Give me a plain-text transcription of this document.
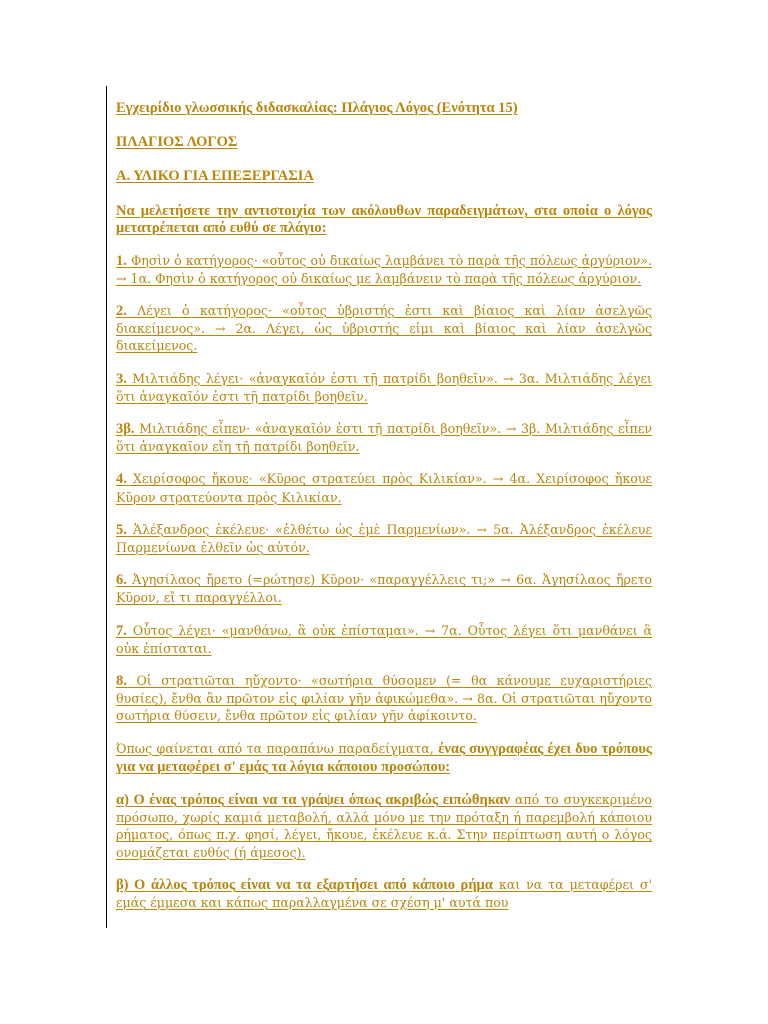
Εγχειρίδιο γλωσσικής διδασκαλίας: Πλάγιος Λόγος (Ενότητα 15)

ΠΛΑΓΙΟΣ ΛΟΓΟΣ

Α. ΥΛΙΚΟ ΓΙΑ ΕΠΕΞΕΡΓΑΣΙΑ

Να μελετήσετε την αντιστοιχία των ακόλουθων παραδειγμάτων, στα οποία ο λόγος μετατρέπεται από ευθύ σε πλάγιο:

1. Φησὶν ὁ κατήγορος· «οὗτος οὐ δικαίως λαμβάνει τὸ παρὰ τῆς πόλεως ἀργύριον». → 1α. Φησὶν ὁ κατήγορος οὐ δικαίως με λαμβάνειν τὸ παρὰ τῆς πόλεως ἀργύριον.

2. Λέγει ὁ κατήγορος· «οὗτος ὑβριστής ἐστι καὶ βίαιος καὶ λίαν ἀσελγῶς διακείμενος». → 2α. Λέγει, ὡς ὑβριστής εἰμι καὶ βίαιος καὶ λίαν ἀσελγῶς διακείμενος.

3. Μιλτιάδης λέγει· «ἀναγκαῖόν ἐστι τῇ πατρίδι βοηθεῖν». → 3α. Μιλτιάδης λέγει ὅτι ἀναγκαῖόν ἐστι τῇ πατρίδι βοηθεῖν.

3β. Μιλτιάδης εἶπεν· «ἀναγκαῖόν ἐστι τῇ πατρίδι βοηθεῖν». → 3β. Μιλτιάδης εἶπεν ὅτι ἀναγκαῖον εἴη τῇ πατρίδι βοηθεῖν.

4. Χειρίσοφος ἤκουε· «Κῦρος στρατεύει πρὸς Κιλικίαν». → 4α. Χειρίσοφος ἤκουε Κῦρον στρατεύοντα πρὸς Κιλικίαν.

5. Ἀλέξανδρος ἐκέλευε· «ἐλθέτω ὡς ἐμὲ Παρμενίων». → 5α. Ἀλέξανδρος ἐκέλευε Παρμενίωνα ἐλθεῖν ὡς αὑτόν.

6. Ἀγησίλαος ἤρετο (=ρώτησε) Κῦρον· «παραγγέλλεις τι;» → 6α. Ἀγησίλαος ἤρετο Κῦρον, εἴ τι παραγγέλλοι.

7. Οὗτος λέγει· «μανθάνω, ἃ οὐκ ἐπίσταμαι». → 7α. Οὗτος λέγει ὅτι μανθάνει ἃ οὐκ ἐπίσταται.

8. Οἱ στρατιῶται ηὔχοντο· «σωτήρια θύσομεν (= θα κάνουμε ευχαριστήριες θυσίες), ἔνθα ἂν πρῶτον εἰς φιλίαν γῆν ἀφικώμεθα». → 8α. Οἱ στρατιῶται ηὔχοντο σωτήρια θύσειν, ἔνθα πρῶτον εἰς φιλίαν γῆν ἀφίκοιντο.

Όπως φαίνεται από τα παραπάνω παραδείγματα, ένας συγγραφέας έχει δυο τρόπους για να μεταφέρει σ' εμάς τα λόγια κάποιου προσώπου:

α) Ο ένας τρόπος είναι να τα γράψει όπως ακριβώς ειπώθηκαν από το συγκεκριμένο πρόσωπο, χωρίς καμιά μεταβολή, αλλά μόνο με την πρόταξη ή παρεμβολή κάποιου ρήματος, όπως π.χ. φησί, λέγει, ἤκουε, ἐκέλευε κ.ά. Στην περίπτωση αυτή ο λόγος ονομάζεται ευθύς (ή άμεσος).

β) Ο άλλος τρόπος είναι να τα εξαρτήσει από κάποιο ρήμα και να τα μεταφέρει σ' εμάς έμμεσα και κάπως παραλλαγμένα σε σχέση μ' αυτά που
